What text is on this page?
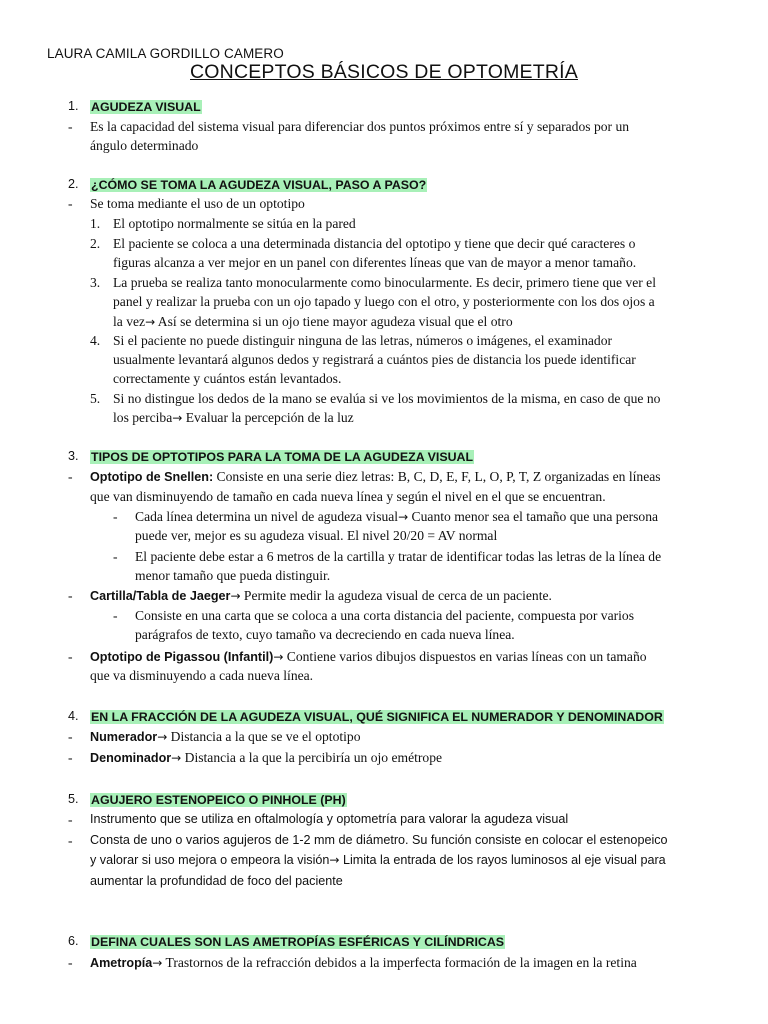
LAURA CAMILA GORDILLO CAMERO
CONCEPTOS BÁSICOS DE OPTOMETRÍA
1. AGUDEZA VISUAL
- Es la capacidad del sistema visual para diferenciar dos puntos próximos entre sí y separados por un
ángulo determinado
2. ¿CÓMO SE TOMA LA AGUDEZA VISUAL, PASO A PASO?
- Se toma mediante el uso de un optotipo
1. El optotipo normalmente se sitúa en la pared
2. El paciente se coloca a una determinada distancia del optotipo y tiene que decir qué caracteres o
figuras alcanza a ver mejor en un panel con diferentes líneas que van de mayor a menor tamaño.
3. La prueba se realiza tanto monocularmente como binocularmente. Es decir, primero tiene que ver el
panel y realizar la prueba con un ojo tapado y luego con el otro, y posteriormente con los dos ojos a
la vez→ Así se determina si un ojo tiene mayor agudeza visual que el otro
4. Si el paciente no puede distinguir ninguna de las letras, números o imágenes, el examinador
usualmente levantará algunos dedos y registrará a cuántos pies de distancia los puede identificar
correctamente y cuántos están levantados.
5. Si no distingue los dedos de la mano se evalúa si ve los movimientos de la misma, en caso de que no
los perciba→ Evaluar la percepción de la luz
3. TIPOS DE OPTOTIPOS PARA LA TOMA DE LA AGUDEZA VISUAL
- Optotipo de Snellen: Consiste en una serie diez letras: B, C, D, E, F, L, O, P, T, Z organizadas en líneas
que van disminuyendo de tamaño en cada nueva línea y según el nivel en el que se encuentran.
- Cada línea determina un nivel de agudeza visual→ Cuanto menor sea el tamaño que una persona
puede ver, mejor es su agudeza visual. El nivel 20/20 = AV normal
- El paciente debe estar a 6 metros de la cartilla y tratar de identificar todas las letras de la línea de
menor tamaño que pueda distinguir.
- Cartilla/Tabla de Jaeger→ Permite medir la agudeza visual de cerca de un paciente.
- Consiste en una carta que se coloca a una corta distancia del paciente, compuesta por varios
parágrafos de texto, cuyo tamaño va decreciendo en cada nueva línea.
- Optotipo de Pigassou (Infantil)→ Contiene varios dibujos dispuestos en varias líneas con un tamaño
que va disminuyendo a cada nueva línea.
4. EN LA FRACCIÓN DE LA AGUDEZA VISUAL, QUÉ SIGNIFICA EL NUMERADOR Y DENOMINADOR
- Numerador→ Distancia a la que se ve el optotipo
- Denominador→ Distancia a la que la percibiría un ojo emétrope
5. AGUJERO ESTENOPEICO O PINHOLE (PH)
- Instrumento que se utiliza en oftalmología y optometría para valorar la agudeza visual
- Consta de uno o varios agujeros de 1-2 mm de diámetro. Su función consiste en colocar el estenopeico
y valorar si uso mejora o empeora la visión→ Limita la entrada de los rayos luminosos al eje visual para
aumentar la profundidad de foco del paciente
6. DEFINA CUALES SON LAS AMETROPÍAS ESFÉRICAS Y CILÍNDRICAS
- Ametropía→ Trastornos de la refracción debidos a la imperfecta formación de la imagen en la retina
